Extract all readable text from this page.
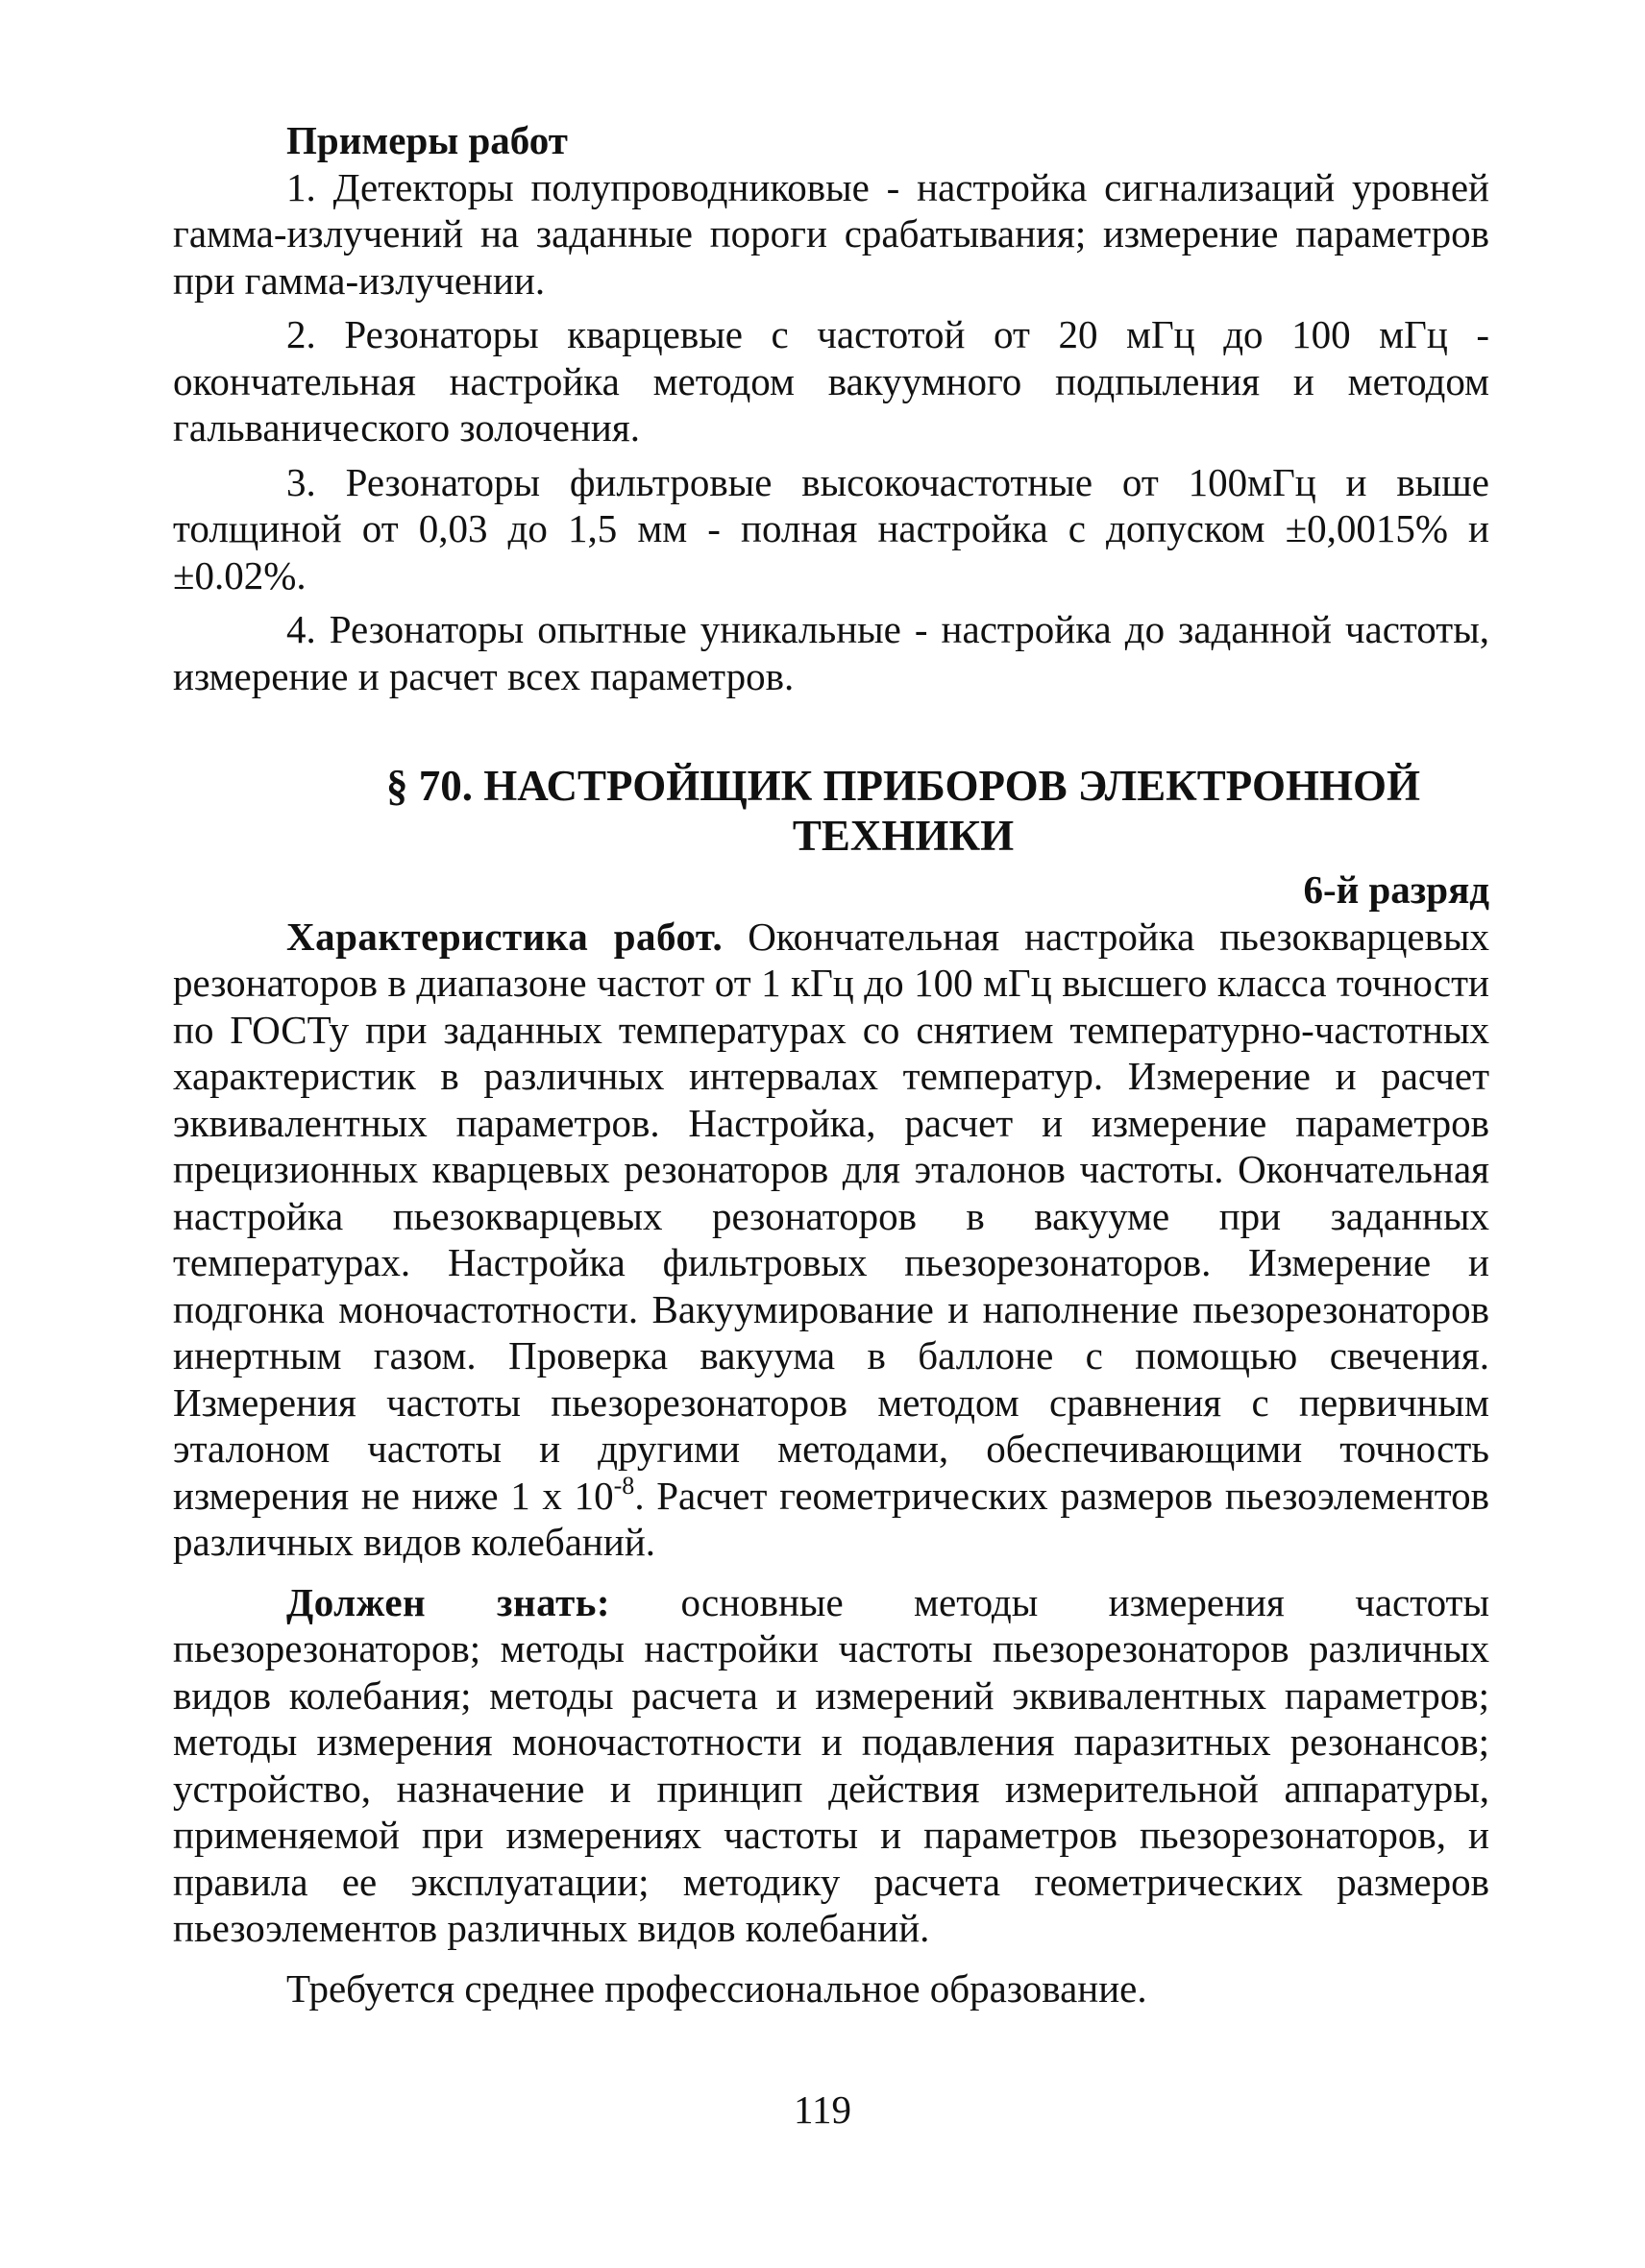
Примеры работ

1. Детекторы полупроводниковые - настройка сигнализаций уровней гамма-излучений на заданные пороги срабатывания; измерение параметров при гамма-излучении.

2. Резонаторы кварцевые с частотой от 20 мГц до 100 мГц - окончательная настройка методом вакуумного подпыления и методом гальванического золочения.

3. Резонаторы фильтровые высокочастотные от 100мГц и выше толщиной от 0,03 до 1,5 мм - полная настройка с допуском ±0,0015% и ±0.02%.

4. Резонаторы опытные уникальные - настройка до заданной частоты, измерение и расчет всех параметров.

§ 70. НАСТРОЙЩИК ПРИБОРОВ ЭЛЕКТРОННОЙ
ТЕХНИКИ

6-й разряд

Характеристика работ. Окончательная настройка пьезокварцевых резонаторов в диапазоне частот от 1 кГц до 100 мГц высшего класса точности по ГОСТу при заданных температурах со снятием температурно-частотных характеристик в различных интервалах температур. Измерение и расчет эквивалентных параметров. Настройка, расчет и измерение параметров прецизионных кварцевых резонаторов для эталонов частоты. Окончательная настройка пьезокварцевых резонаторов в вакууме при заданных температурах. Настройка фильтровых пьезорезонаторов. Измерение и подгонка моночастотности. Вакуумирование и наполнение пьезорезонаторов инертным газом. Проверка вакуума в баллоне с помощью свечения. Измерения частоты пьезорезонаторов методом сравнения с первичным эталоном частоты и другими методами, обеспечивающими точность измерения не ниже 1 х $10^{-8}$. Расчет геометрических размеров пьезоэлементов различных видов колебаний.

Должен знать: основные методы измерения частоты пьезорезонаторов; методы настройки частоты пьезорезонаторов различных видов колебания; методы расчета и измерений эквивалентных параметров; методы измерения моночастотности и подавления паразитных резонансов; устройство, назначение и принцип действия измерительной аппаратуры, применяемой при измерениях частоты и параметров пьезорезонаторов, и правила ее эксплуатации; методику расчета геометрических размеров пьезоэлементов различных видов колебаний.

Требуется среднее профессиональное образование.

119
